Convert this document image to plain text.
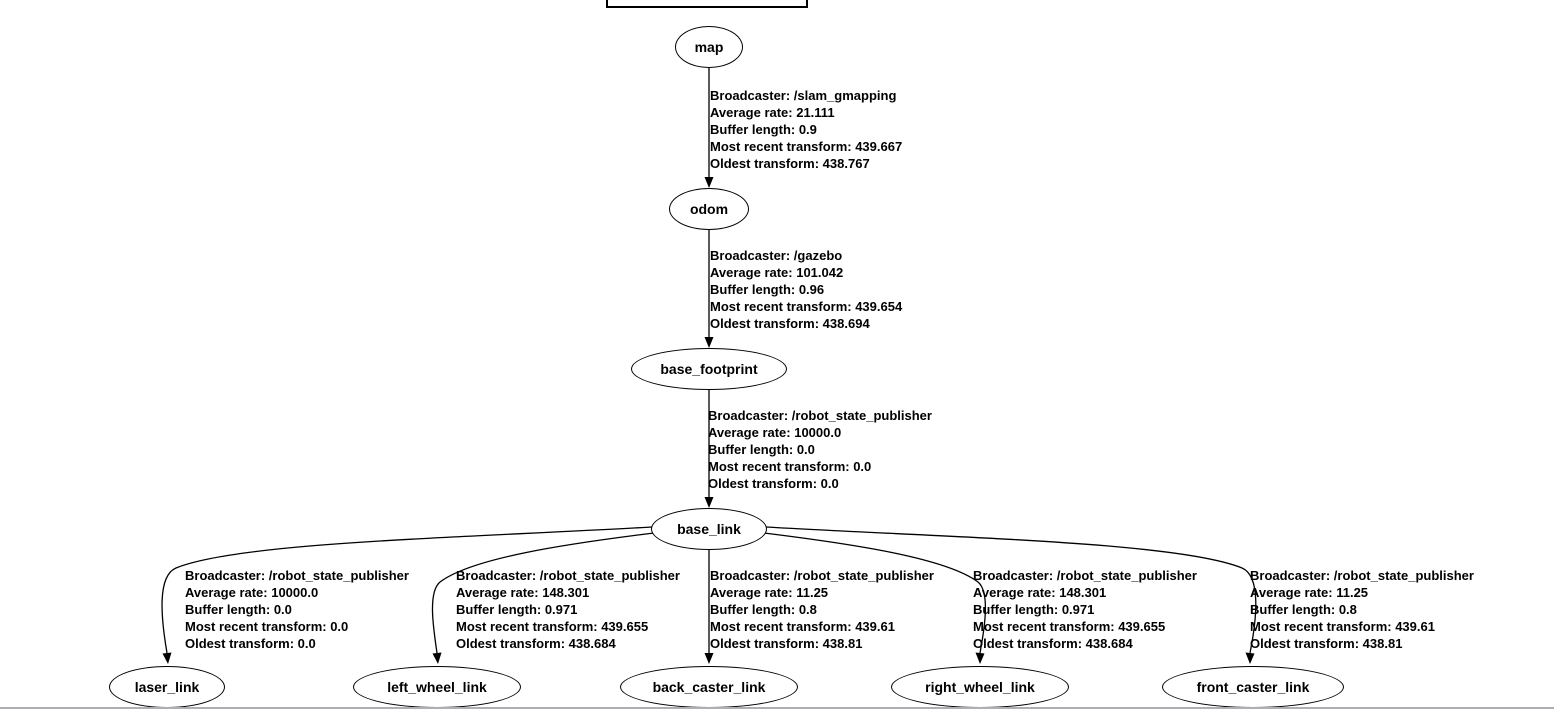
map
odom
base_footprint
base_link
laser_link	left_wheel_link	back_caster_link	right_wheel_link	front_caster_link
Broadcaster: /slam_gmapping
Average rate: 21.111
Buffer length: 0.9
Most recent transform: 439.667
Oldest transform: 438.767
Broadcaster: /gazebo
Average rate: 101.042
Buffer length: 0.96
Most recent transform: 439.654
Oldest transform: 438.694
Broadcaster: /robot_state_publisher
Average rate: 10000.0
Buffer length: 0.0
Most recent transform: 0.0
Oldest transform: 0.0
Broadcaster: /robot_state_publisher
Average rate: 10000.0
Buffer length: 0.0
Most recent transform: 0.0
Oldest transform: 0.0
Broadcaster: /robot_state_publisher
Average rate: 148.301
Buffer length: 0.971
Most recent transform: 439.655
Oldest transform: 438.684
Broadcaster: /robot_state_publisher
Average rate: 11.25
Buffer length: 0.8
Most recent transform: 439.61
Oldest transform: 438.81
Broadcaster: /robot_state_publisher
Average rate: 148.301
Buffer length: 0.971
Most recent transform: 439.655
Oldest transform: 438.684
Broadcaster: /robot_state_publisher
Average rate: 11.25
Buffer length: 0.8
Most recent transform: 439.61
Oldest transform: 438.81
